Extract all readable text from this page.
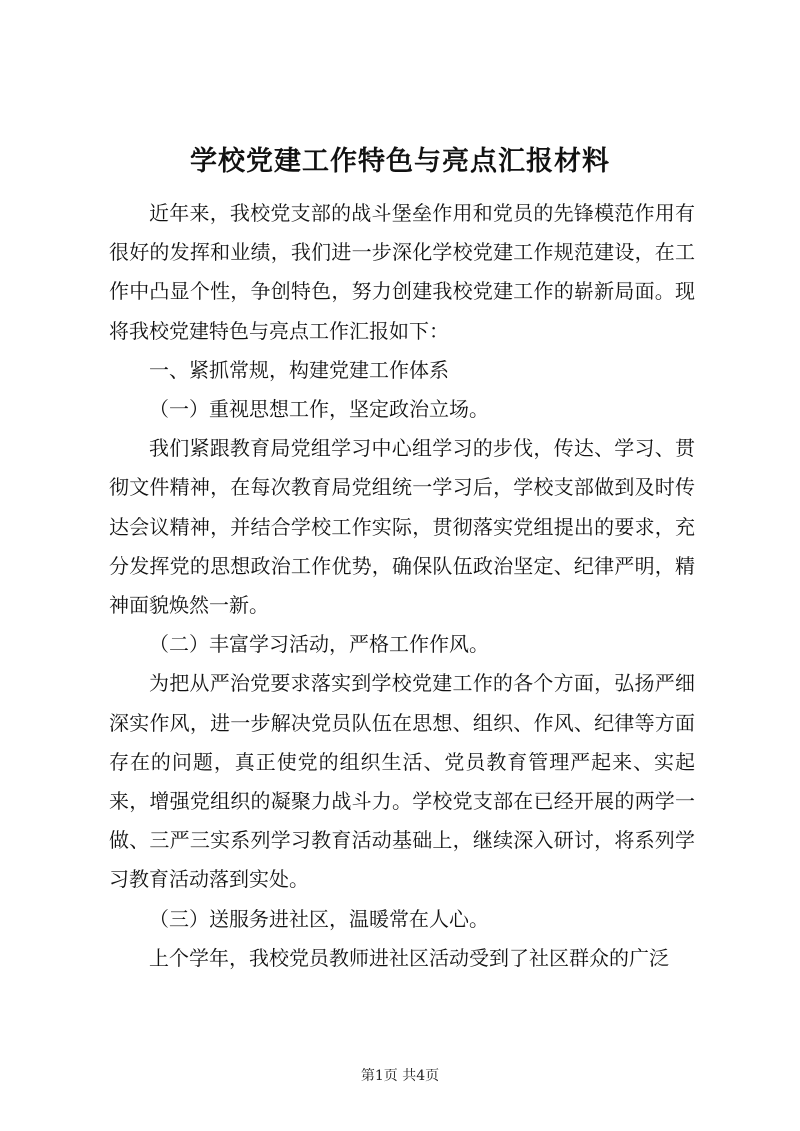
学校党建工作特色与亮点汇报材料

近年来，我校党支部的战斗堡垒作用和党员的先锋模范作用有很好的发挥和业绩，我们进一步深化学校党建工作规范建设，在工作中凸显个性，争创特色，努力创建我校党建工作的崭新局面。现将我校党建特色与亮点工作汇报如下：

一、紧抓常规，构建党建工作体系

（一）重视思想工作，坚定政治立场。

我们紧跟教育局党组学习中心组学习的步伐，传达、学习、贯彻文件精神，在每次教育局党组统一学习后，学校支部做到及时传达会议精神，并结合学校工作实际，贯彻落实党组提出的要求，充分发挥党的思想政治工作优势，确保队伍政治坚定、纪律严明，精神面貌焕然一新。

（二）丰富学习活动，严格工作作风。

为把从严治党要求落实到学校党建工作的各个方面，弘扬严细深实作风，进一步解决党员队伍在思想、组织、作风、纪律等方面存在的问题，真正使党的组织生活、党员教育管理严起来、实起来，增强党组织的凝聚力战斗力。学校党支部在已经开展的两学一做、三严三实系列学习教育活动基础上，继续深入研讨，将系列学习教育活动落到实处。

（三）送服务进社区，温暖常在人心。

上个学年，我校党员教师进社区活动受到了社区群众的广泛

第1页 共4页
